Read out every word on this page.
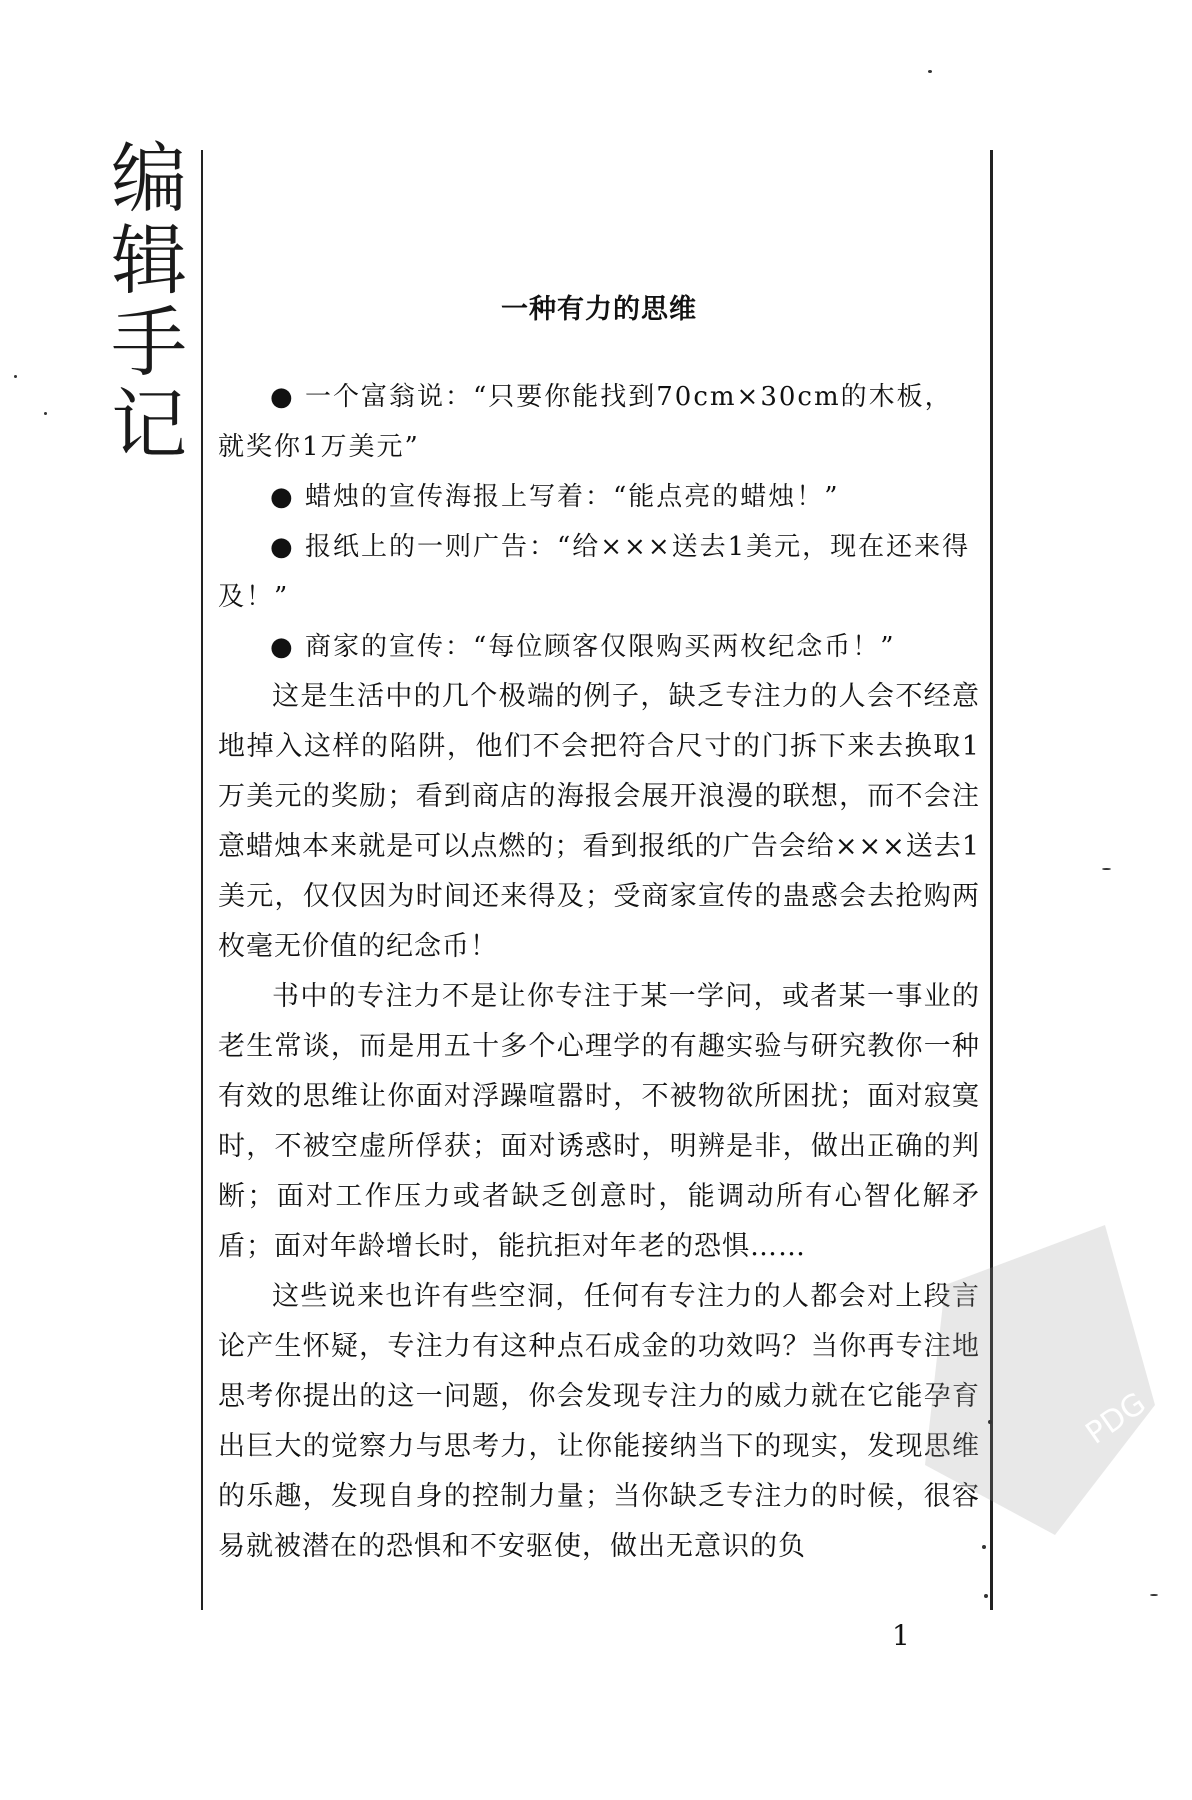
编
辑
手
记
一种有力的思维

● 一个富翁说：“只要你能找到70cm×30cm的木板，就奖你1万美元”

● 蜡烛的宣传海报上写着：“能点亮的蜡烛！”

● 报纸上的一则广告：“给×××送去1美元，现在还来得及！”

● 商家的宣传：“每位顾客仅限购买两枚纪念币！”

这是生活中的几个极端的例子，缺乏专注力的人会不经意地掉入这样的陷阱，他们不会把符合尺寸的门拆下来去换取1万美元的奖励；看到商店的海报会展开浪漫的联想，而不会注意蜡烛本来就是可以点燃的；看到报纸的广告会给×××送去1美元，仅仅因为时间还来得及；受商家宣传的蛊惑会去抢购两枚毫无价值的纪念币！

书中的专注力不是让你专注于某一学问，或者某一事业的老生常谈，而是用五十多个心理学的有趣实验与研究教你一种有效的思维让你面对浮躁喧嚣时，不被物欲所困扰；面对寂寞时，不被空虚所俘获；面对诱惑时，明辨是非，做出正确的判断；面对工作压力或者缺乏创意时，能调动所有心智化解矛盾；面对年龄增长时，能抗拒对年老的恐惧……

这些说来也许有些空洞，任何有专注力的人都会对上段言论产生怀疑，专注力有这种点石成金的功效吗？当你再专注地思考你提出的这一问题，你会发现专注力的威力就在它能孕育出巨大的觉察力与思考力，让你能接纳当下的现实，发现思维的乐趣，发现自身的控制力量；当你缺乏专注力的时候，很容易就被潜在的恐惧和不安驱使，做出无意识的负

1
PDG
